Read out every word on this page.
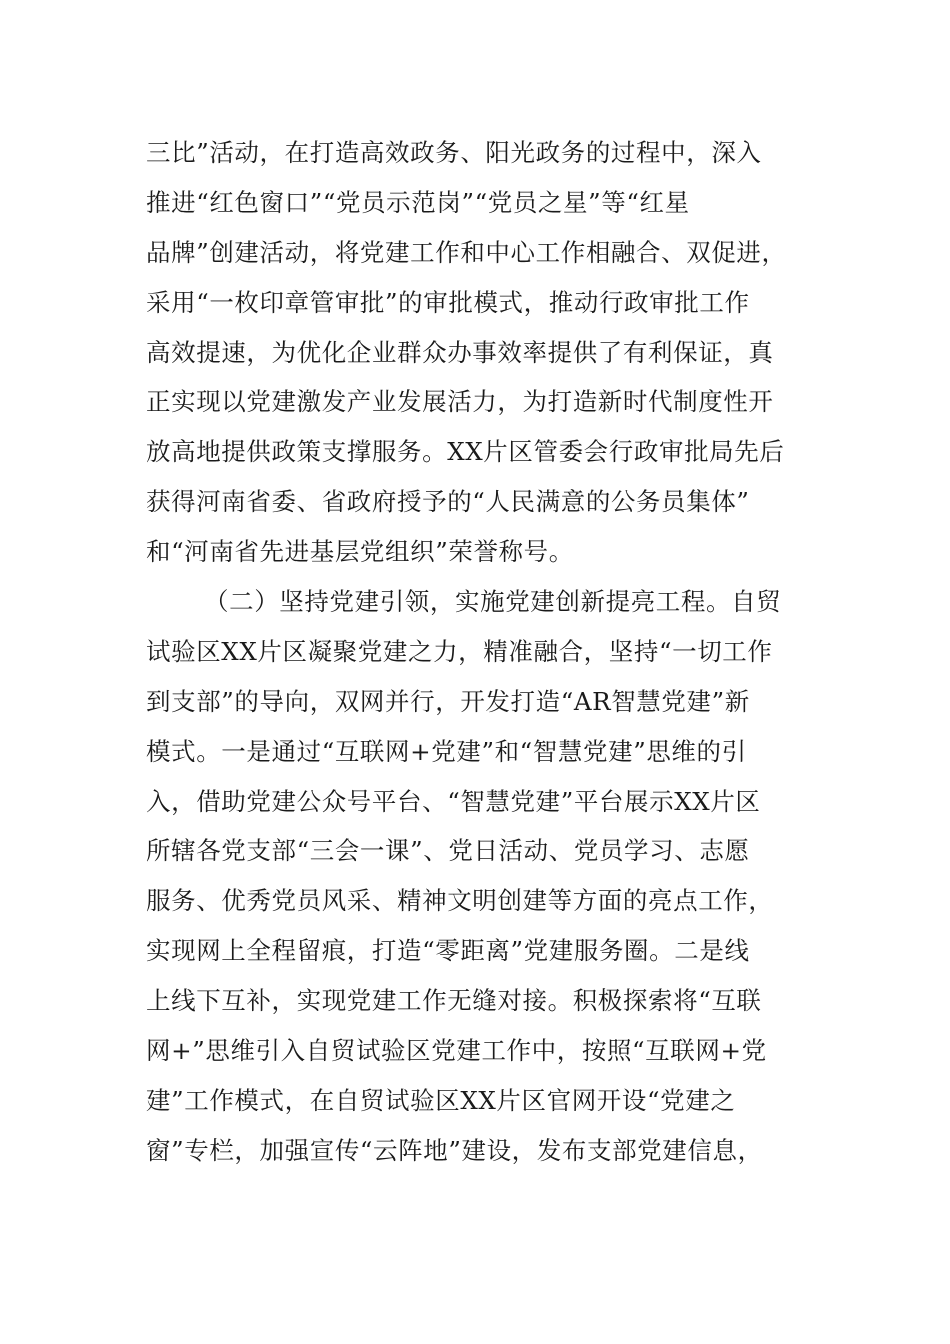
三比”活动，在打造高效政务、阳光政务的过程中，深入
推进“红色窗口”“党员示范岗”“党员之星”等“红星
品牌”创建活动，将党建工作和中心工作相融合、双促进，
采用“一枚印章管审批”的审批模式，推动行政审批工作
高效提速，为优化企业群众办事效率提供了有利保证，真
正实现以党建激发产业发展活力，为打造新时代制度性开
放高地提供政策支撑服务。XX片区管委会行政审批局先后
获得河南省委、省政府授予的“人民满意的公务员集体”
和“河南省先进基层党组织”荣誉称号。
（二）坚持党建引领，实施党建创新提亮工程。自贸
试验区XX片区凝聚党建之力，精准融合，坚持“一切工作
到支部”的导向，双网并行，开发打造“AR智慧党建”新
模式。一是通过“互联网+党建”和“智慧党建”思维的引
入，借助党建公众号平台、“智慧党建”平台展示XX片区
所辖各党支部“三会一课”、党日活动、党员学习、志愿
服务、优秀党员风采、精神文明创建等方面的亮点工作，
实现网上全程留痕，打造“零距离”党建服务圈。二是线
上线下互补，实现党建工作无缝对接。积极探索将“互联
网+”思维引入自贸试验区党建工作中，按照“互联网+党
建”工作模式，在自贸试验区XX片区官网开设“党建之
窗”专栏，加强宣传“云阵地”建设，发布支部党建信息，
